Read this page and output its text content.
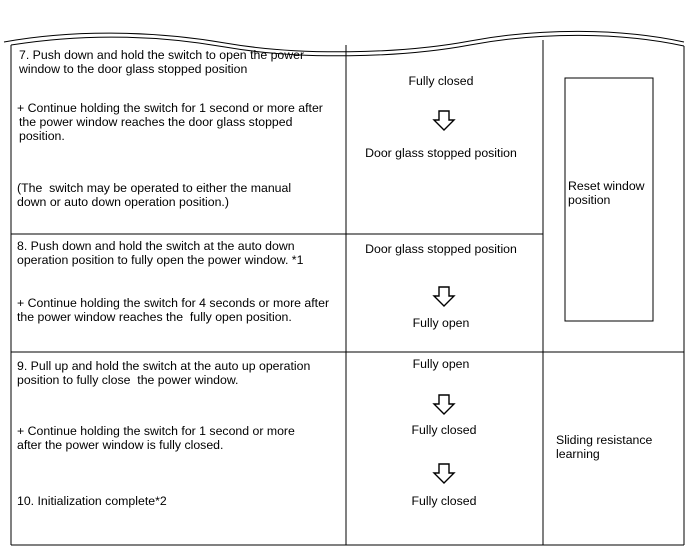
7. Push down and hold the switch to open the power
window to the door glass stopped position
+ Continue holding the switch for 1 second or more after
the power window reaches the door glass stopped
position.
(The  switch may be operated to either the manual
down or auto down operation position.)
Fully closed
Door glass stopped position
8. Push down and hold the switch at the auto down
operation position to fully open the power window. *1
+ Continue holding the switch for 4 seconds or more after
the power window reaches the  fully open position.
Door glass stopped position
Fully open
9. Pull up and hold the switch at the auto up operation
position to fully close  the power window.
+ Continue holding the switch for 1 second or more
after the power window is fully closed.
Fully open
Fully closed
10. Initialization complete*2	Fully closed
Reset window
position
Sliding resistance
learning
